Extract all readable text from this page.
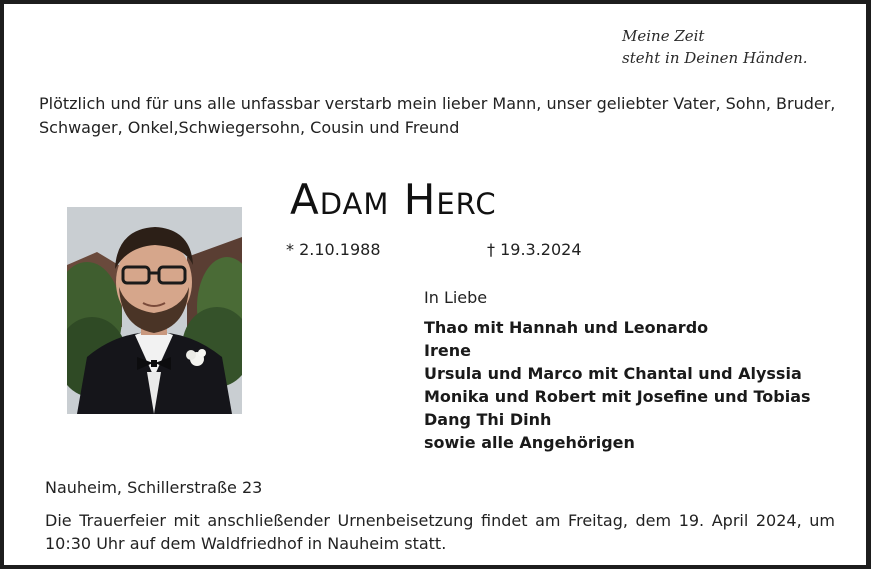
Meine Zeit
steht in Deinen Händen.
Plötzlich und für uns alle unfassbar verstarb mein lieber Mann, unser geliebter Vater, Sohn, Bruder, Schwager, Onkel,Schwiegersohn, Cousin und Freund
Adam Herc
* 2.10.1988	† 19.3.2024
In Liebe
Thao mit Hannah und Leonardo
Irene
Ursula und Marco mit Chantal und Alyssia
Monika und Robert mit Josefine und Tobias
Dang Thi Dinh
sowie alle Angehörigen
Nauheim, Schillerstraße 23
Die Trauerfeier mit anschließender Urnenbeisetzung findet am Freitag, dem 19. April 2024, um 10:30 Uhr auf dem Waldfriedhof in Nauheim statt.
